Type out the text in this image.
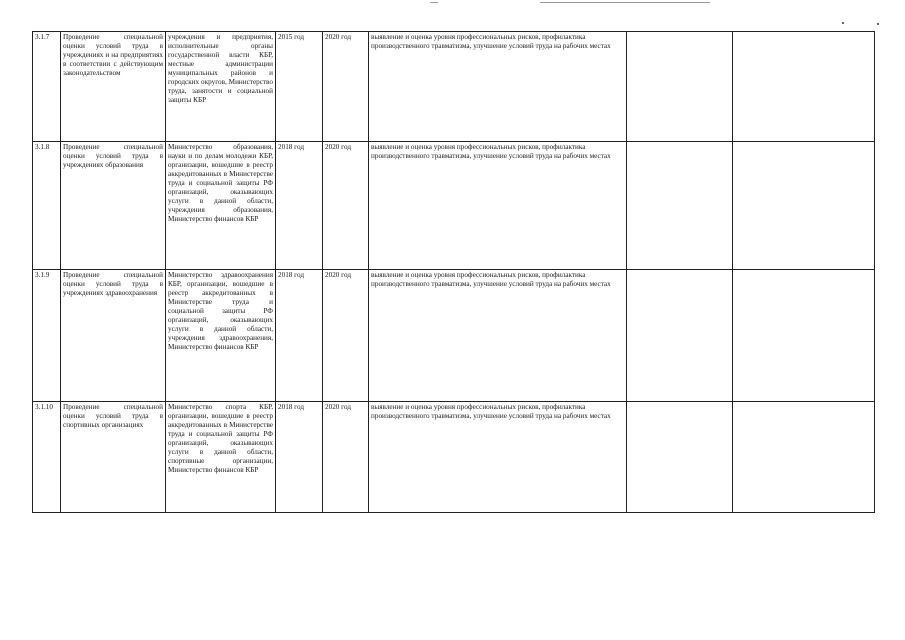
3.1.7	Проведение специальной оценки условий труда в учреждениях и на предприятиях в соответствии с действующим законодательством	учреждения и предприятия, исполнительные органы государственной власти КБР, местные администрации муниципальных районов и городских округов, Министерство труда, занятости и социальной защиты КБР	2015 год	2020 год	выявление и оценка уровня профессиональных рисков, профилактика производственного травматизма, улучшение условий труда на рабочих местах		
3.1.8	Проведение специальной оценки условий труда в учреждениях образования	Министерство образования, науки и по делам молодежи КБР, организации, вошедшие в реестр аккредитованных в Министерстве труда и социальной защиты РФ организаций, оказывающих услуги в данной области, учреждения образования, Министерство финансов КБР	2018 год	2020 год	выявление и оценка уровня профессиональных рисков, профилактика производственного травматизма, улучшение условий труда на рабочих местах		
3.1.9	Проведение специальной оценки условий труда в учреждениях здравоохранения	Министерство здравоохранения КБР, организации, вошедшие в реестр аккредитованных в Министерстве труда и социальной защиты РФ организаций, оказывающих услуги в данной области, учреждения здравоохранения, Министерство финансов КБР	2018 год	2020 год	выявление и оценка уровня профессиональных рисков, профилактика производственного травматизма, улучшение условий труда на рабочих местах		
3.1.10	Проведение специальной оценки условий труда в спортивных организациях	Министерство спорта КБР, организации, вошедшие в реестр аккредитованных в Министерстве труда и социальной защиты РФ организаций, оказывающих услуги в данной области, спортивные организации, Министерство финансов КБР	2018 год	2020 год	выявление и оценка уровня профессиональных рисков, профилактика производственного травматизма, улучшение условий труда на рабочих местах		
